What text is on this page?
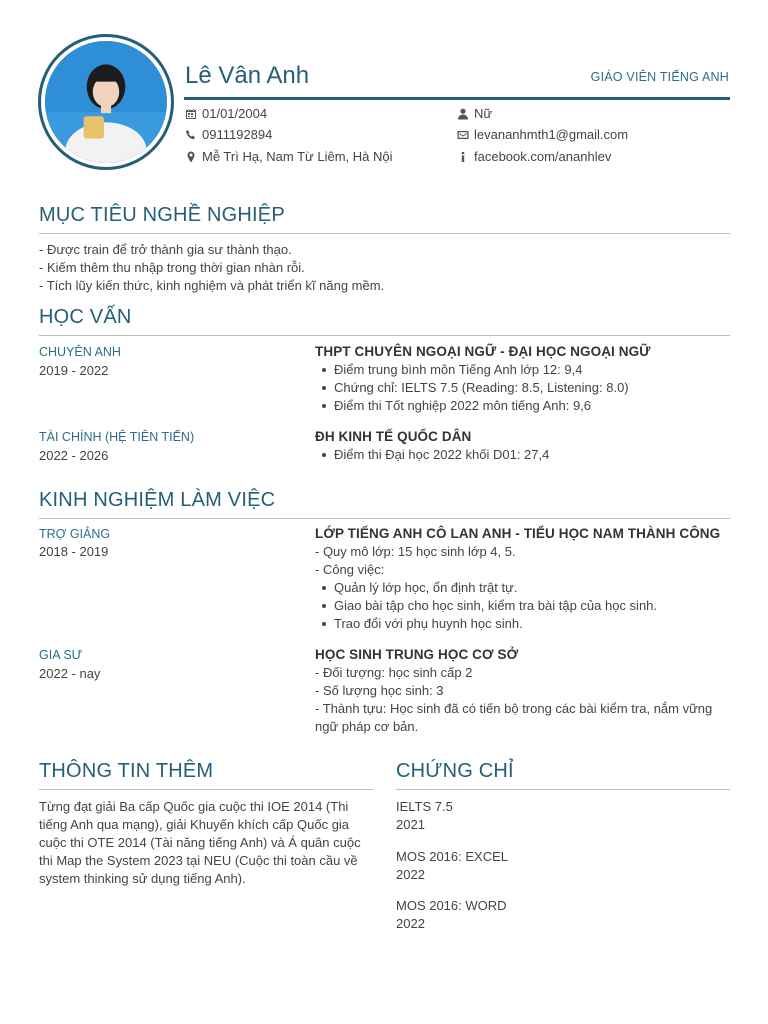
Lê Vân Anh	GIÁO VIÊN TIẾNG ANH
01/01/2004
0911192894
Mễ Trì Hạ, Nam Từ Liêm, Hà Nội
Nữ
levananhmth1@gmail.com
facebook.com/ananhlev
MỤC TIÊU NGHỀ NGHIỆP
- Được train để trở thành gia sư thành thạo.
- Kiếm thêm thu nhập trong thời gian nhàn rỗi.
- Tích lũy kiến thức, kinh nghiệm và phát triển kĩ năng mềm.
HỌC VẤN
CHUYÊN ANH
2019 - 2022
THPT CHUYÊN NGOẠI NGỮ - ĐẠI HỌC NGOẠI NGỮ
Điểm trung bình môn Tiếng Anh lớp 12: 9,4
Chứng chỉ: IELTS 7.5 (Reading: 8.5, Listening: 8.0)
Điểm thi Tốt nghiệp 2022 môn tiếng Anh: 9,6
TÀI CHÍNH (HỆ TIÊN TIẾN)
2022 - 2026
ĐH KINH TẾ QUỐC DÂN
Điểm thi Đại học 2022 khối D01: 27,4
KINH NGHIỆM LÀM VIỆC
TRỢ GIẢNG
2018 - 2019
LỚP TIẾNG ANH CÔ LAN ANH - TIỂU HỌC NAM THÀNH CÔNG
- Quy mô lớp: 15 học sinh lớp 4, 5.
- Công việc:
Quản lý lớp học, ổn định trật tự.
Giao bài tập cho học sinh, kiểm tra bài tập của học sinh.
Trao đổi với phụ huynh học sinh.
GIA SƯ
2022 - nay
HỌC SINH TRUNG HỌC CƠ SỞ
- Đối tượng: học sinh cấp 2
- Số lượng học sinh: 3
- Thành tựu: Học sinh đã có tiến bộ trong các bài kiểm tra, nắm vững
ngữ pháp cơ bản.
THÔNG TIN THÊM
Từng đạt giải Ba cấp Quốc gia cuộc thi IOE 2014 (Thi
tiếng Anh qua mạng), giải Khuyến khích cấp Quốc gia
cuộc thi OTE 2014 (Tài năng tiếng Anh) và Á quân cuộc
thi Map the System 2023 tại NEU (Cuộc thi toàn cầu về
system thinking sử dụng tiếng Anh).
CHỨNG CHỈ
IELTS 7.5
2021
MOS 2016: EXCEL
2022
MOS 2016: WORD
2022
